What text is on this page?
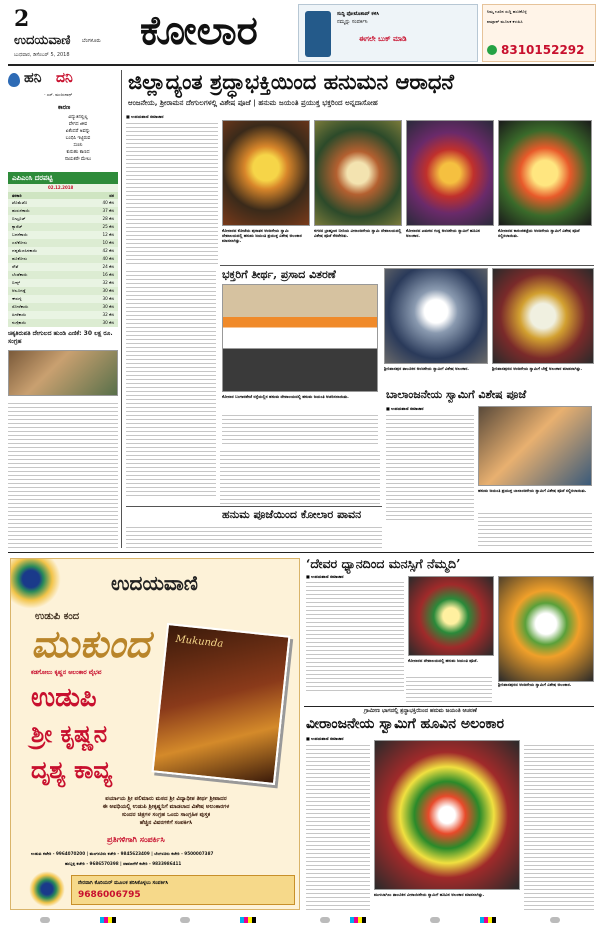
2
ಉದಯವಾಣಿ ಬೆಂಗಳೂರು
ಬುಧವಾರ, ಡಿಸೆಂಬರ್ 5, 2018
ಕೋಲಾರ	ಸುದ್ದಿ ಫೋಟೊಶಾಪ್ ಕಳಿಸಿ
ನಮ್ಮನ್ನು ಸಂಪರ್ಕಿಸಿ
ಈಗಲೇ ಬುಕ್ ಮಾಡಿ
ನಿಮ್ಮ ಊರಿನ ಸುದ್ದಿ ಹಂಚಿಕೊಳ್ಳಿ
ವಾಟ್ಸಾಪ್ ಮೂಲಕ ಕಳುಹಿಸಿ
8310152292
ಹನಿ ದನಿ
- ಎಸ್. ಮಂಜುನಾಥ್
ಕಾರಣ
ವಿದ್ಯುತಿನಲ್ಲಿಲ್ಲ
ವೇಗದ ಜೀವ
ಏಕೆಂದರೆ ಅವನ್ನು
ಬಂಧಿಸಿ ಇಟ್ಟಿರುವ
ಸಂಚು
ಕುರುಹು ಕಾಣದ
ನಾಯಕರೇ ಮೇಲು
ಎಪಿಎಂಸಿ ದರಪಟ್ಟಿ
02.12.2018
ತರಕಾರಿ	ದರ
ಟೊಮೆಟೊ	40 ಕೆಜಿ
ಹುರುಳಿಕಾಯಿ	37 ಕೆಜಿ
ಬೀಟ್ರೂಟ್	28 ಕೆಜಿ
ಕ್ಯಾರೆಟ್	25 ಕೆಜಿ
ಬದನೆಕಾಯಿ	12 ಕೆಜಿ
ಎಲೆಕೋಸು	10 ಕೆಜಿ
ದಪ್ಪಮೆಣಸಿನಕಾಯಿ	42 ಕೆಜಿ
ಹೂಕೋಸು	40 ಕೆಜಿ
ಸೌತೆ	24 ಕೆಜಿ
ಬೆಂಡೆಕಾಯಿ	16 ಕೆಜಿ
ಬೀನ್ಸ್	32 ಕೆಜಿ
ಆಲೂಗಡ್ಡೆ	30 ಕೆಜಿ
ಈರುಳ್ಳಿ	30 ಕೆಜಿ
ಸೋರೆಕಾಯಿ	30 ಕೆಜಿ
ಹೀರೆಕಾಯಿ	32 ಕೆಜಿ
ನುಗ್ಗೆಕಾಯಿ	30 ಕೆಜಿ
ಚಿಕ್ಕತಿರುಪತಿ ದೇಗುಲದ ಹುಂಡಿ ಎಣಿಕೆ: 30 ಲಕ್ಷ ರೂ. ಸಂಗ್ರಹ
ಜಿಲ್ಲಾದ್ಯಂತ ಶ್ರದ್ಧಾಭಕ್ತಿಯಿಂದ ಹನುಮನ ಆರಾಧನೆ
ಆಂಜನೇಯ, ಶ್ರೀರಾಮನ ದೇಗುಲಗಳಲ್ಲಿ ವಿಶೇಷ ಪೂಜೆ | ಹನುಮ ಜಯಂತಿ ಪ್ರಯುಕ್ತ ಭಕ್ತರಿಂದ ಅನ್ನದಾಸೋಹ
■ ಉದಯವಾಣಿ ಸಮಾಚಾರ
ಕೋಲಾರದ ಕೋಟೆಯ ಪುರಾತನ ಆಂಜನೇಯ ಸ್ವಾಮಿ ದೇವಾಲಯದಲ್ಲಿ ಹನುಮ ಜಯಂತಿ ಪ್ರಯುಕ್ತ ವಿಶೇಷ ಅಲಂಕಾರ ಮಾಡಲಾಗಿತ್ತು.
ನಗರದ ಬ್ರಾಹ್ಮಣರ ಬೀದಿಯ ವೀರಾಂಜನೇಯ ಸ್ವಾಮಿ ದೇವಾಲಯದಲ್ಲಿ ವಿಶೇಷ ಪೂಜೆ ನೆರವೇರಿತು.
ಕೋಲಾರದ ಟಮಕದ ಗುಡ್ಡ ಆಂಜನೇಯ ಸ್ವಾಮಿಗೆ ಹೂವಿನ ಅಲಂಕಾರ.
ಕೋಲಾರದ ಕಾರಂಜಿಕಟ್ಟೆಯ ಆಂಜನೇಯ ಸ್ವಾಮಿಗೆ ವಿಶೇಷ ಪೂಜೆ ಸಲ್ಲಿಸಲಾಯಿತು.
ಭಕ್ತರಿಗೆ ತೀರ್ಥ, ಪ್ರಸಾದ ವಿತರಣೆ
ಕೋಲಾರ ಬಂಗಾರಪೇಟೆ ರಸ್ತೆಯಲ್ಲಿನ ಹನುಮ ದೇವಾಲಯದಲ್ಲಿ ಹನುಮ ಜಯಂತಿ ಆಚರಿಸಲಾಯಿತು.
ಶ್ರೀನಿವಾಸಪುರ ತಾಲೂಕಿನ ಆಂಜನೇಯ ಸ್ವಾಮಿಗೆ ವಿಶೇಷ ಅಲಂಕಾರ.	ಶ್ರೀನಿವಾಸಪುರದ ಆಂಜನೇಯ ಸ್ವಾಮಿಗೆ ಬೆಣ್ಣೆ ಅಲಂಕಾರ ಮಾಡಲಾಗಿತ್ತು.
ಬಾಲಾಂಜನೇಯ ಸ್ವಾಮಿಗೆ ವಿಶೇಷ ಪೂಜೆ
■ ಉದಯವಾಣಿ ಸಮಾಚಾರ
ಹನುಮ ಜಯಂತಿ ಪ್ರಯುಕ್ತ ಬಾಲಾಂಜನೇಯ ಸ್ವಾಮಿಗೆ ವಿಶೇಷ ಪೂಜೆ ಸಲ್ಲಿಸಲಾಯಿತು.
ಹನುಮ ಪೂಜೆಯಿಂದ ಕೋಲಾರ ಪಾವನ
ಉದಯವಾಣಿ
ಉಡುಪಿ ಕಂದ
ಮುಕುಂದ
ಕಡಗೋಲು ಕೃಷ್ಣನ ಅಲಂಕಾರ ವೈಭವ
ಉಡುಪಿ
ಶ್ರೀ ಕೃಷ್ಣನ
ದೃಶ್ಯ ಕಾವ್ಯ
Mukunda
ಪರ್ಯಾಯ ಶ್ರೀ ಪಲಿಮಾರು ಮಠದ ಶ್ರೀ ವಿದ್ಯಾಧೀಶ ತೀರ್ಥ ಶ್ರೀಪಾದರ
ಈ ಅವಧಿಯಲ್ಲಿ ಉಡುಪಿ ಶ್ರೀಕೃಷ್ಣನಿಗೆ ಮಾಡಲಾದ ವಿಶೇಷ ಅಲಂಕಾರಗಳ
ಸುಂದರ ಚಿತ್ರಗಳ ಸಂಗ್ರಹ ಒಂದು ಸಾಂಗ್ರಹಿಕ ಪುಸ್ತಕ
ಹೆಚ್ಚಿನ ವಿವರಗಳಿಗೆ ಸಂಪರ್ಕಿಸಿ
ಪ್ರತಿಗಳಿಗಾಗಿ ಸಂಪರ್ಕಿಸಿ
ಉಡುಪಿ ಕಚೇರಿ - 9964070200 | ಮಂಗಳೂರು ಕಚೇರಿ - 9845623409 | ಬೆಂಗಳೂರು ಕಚೇರಿ - 9500007387
ಹುಬ್ಬಳ್ಳಿ ಕಚೇರಿ - 9686570398 | ದಾವಣಗೆರೆ ಕಚೇರಿ - 9833986411
ನೇರವಾಗಿ ಕೊರಿಯರ್ ಮೂಲಕ ತರಿಸಿಕೊಳ್ಳಲು ಸಂಪರ್ಕಿಸಿ
9686006795
‘ದೇವರ ಧ್ಯಾನದಿಂದ ಮನಸ್ಸಿಗೆ ನೆಮ್ಮದಿ’
■ ಉದಯವಾಣಿ ಸಮಾಚಾರ
ಕೋಲಾರದ ದೇವಾಲಯದಲ್ಲಿ ಹನುಮ ಜಯಂತಿ ಪೂಜೆ.
ಶ್ರೀನಿವಾಸಪುರದ ಆಂಜನೇಯ ಸ್ವಾಮಿಗೆ ವಿಶೇಷ ಅಲಂಕಾರ.
ಗ್ರಾಮೀಣ ಭಾಗದಲ್ಲಿ ಶ್ರದ್ಧಾಭಕ್ತಿಯಿಂದ ಹನುಮ ಜಯಂತಿ ಆಚರಣೆ
ವೀರಾಂಜನೇಯ ಸ್ವಾಮಿಗೆ ಹೂವಿನ ಅಲಂಕಾರ
■ ಉದಯವಾಣಿ ಸಮಾಚಾರ
ಮುಳಬಾಗಿಲು ತಾಲೂಕಿನ ವೀರಾಂಜನೇಯ ಸ್ವಾಮಿಗೆ ಹೂವಿನ ಅಲಂಕಾರ ಮಾಡಲಾಗಿತ್ತು.
